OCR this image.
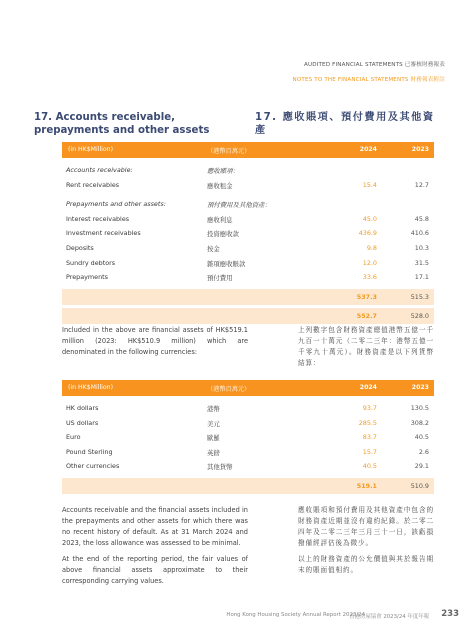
AUDITED FINANCIAL STATEMENTS 已審核財務報表
NOTES TO THE FINANCIAL STATEMENTS 財務報表附註
17. Accounts receivable, prepayments and other assets
17. 應收賬項、預付費用及其他資產
(in HK$Million)	（港幣百萬元）	2024	2023
Accounts receivable:	應收賬項：
Rent receivables	應收租金	15.4	12.7
Prepayments and other assets:	預付費用及其他資產：
Interest receivables	應收利息	45.0	45.8
Investment receivables	投資應收款	436.9	410.6
Deposits	按金	9.8	10.3
Sundry debtors	雜項應收賬款	12.0	31.5
Prepayments	預付費用	33.6	17.1
537.3	515.3
552.7	528.0
Included in the above are financial assets of HK$519.1 million (2023: HK$510.9 million) which are denominated in the following currencies:
上列數字包含財務資產總值港幣五億一千九百一十萬元（二零二三年：港幣五億一千零九十萬元）。財務資產是以下列貨幣結算：
(in HK$Million)	（港幣百萬元）	2024	2023
HK dollars	港幣	93.7	130.5
US dollars	美元	285.5	308.2
Euro	歐羅	83.7	40.5
Pound Sterling	英鎊	15.7	2.6
Other currencies	其他貨幣	40.5	29.1
519.1	510.9
Accounts receivable and the financial assets included in the prepayments and other assets for which there was no recent history of default. As at 31 March 2024 and 2023, the loss allowance was assessed to be minimal.
應收賬項和預付費用及其他資產中包含的財務資產近期並沒有違約紀錄。於二零二四年及二零二三年三月三十一日，該虧損撥備經評估後為微少。
At the end of the reporting period, the fair values of above financial assets approximate to their corresponding carrying values.
以上的財務資產的公允價值與其於報告期末的賬面值相約。
Hong Kong Housing Society Annual Report 2023/24
香港房屋協會 2023/24 年度年報 233
